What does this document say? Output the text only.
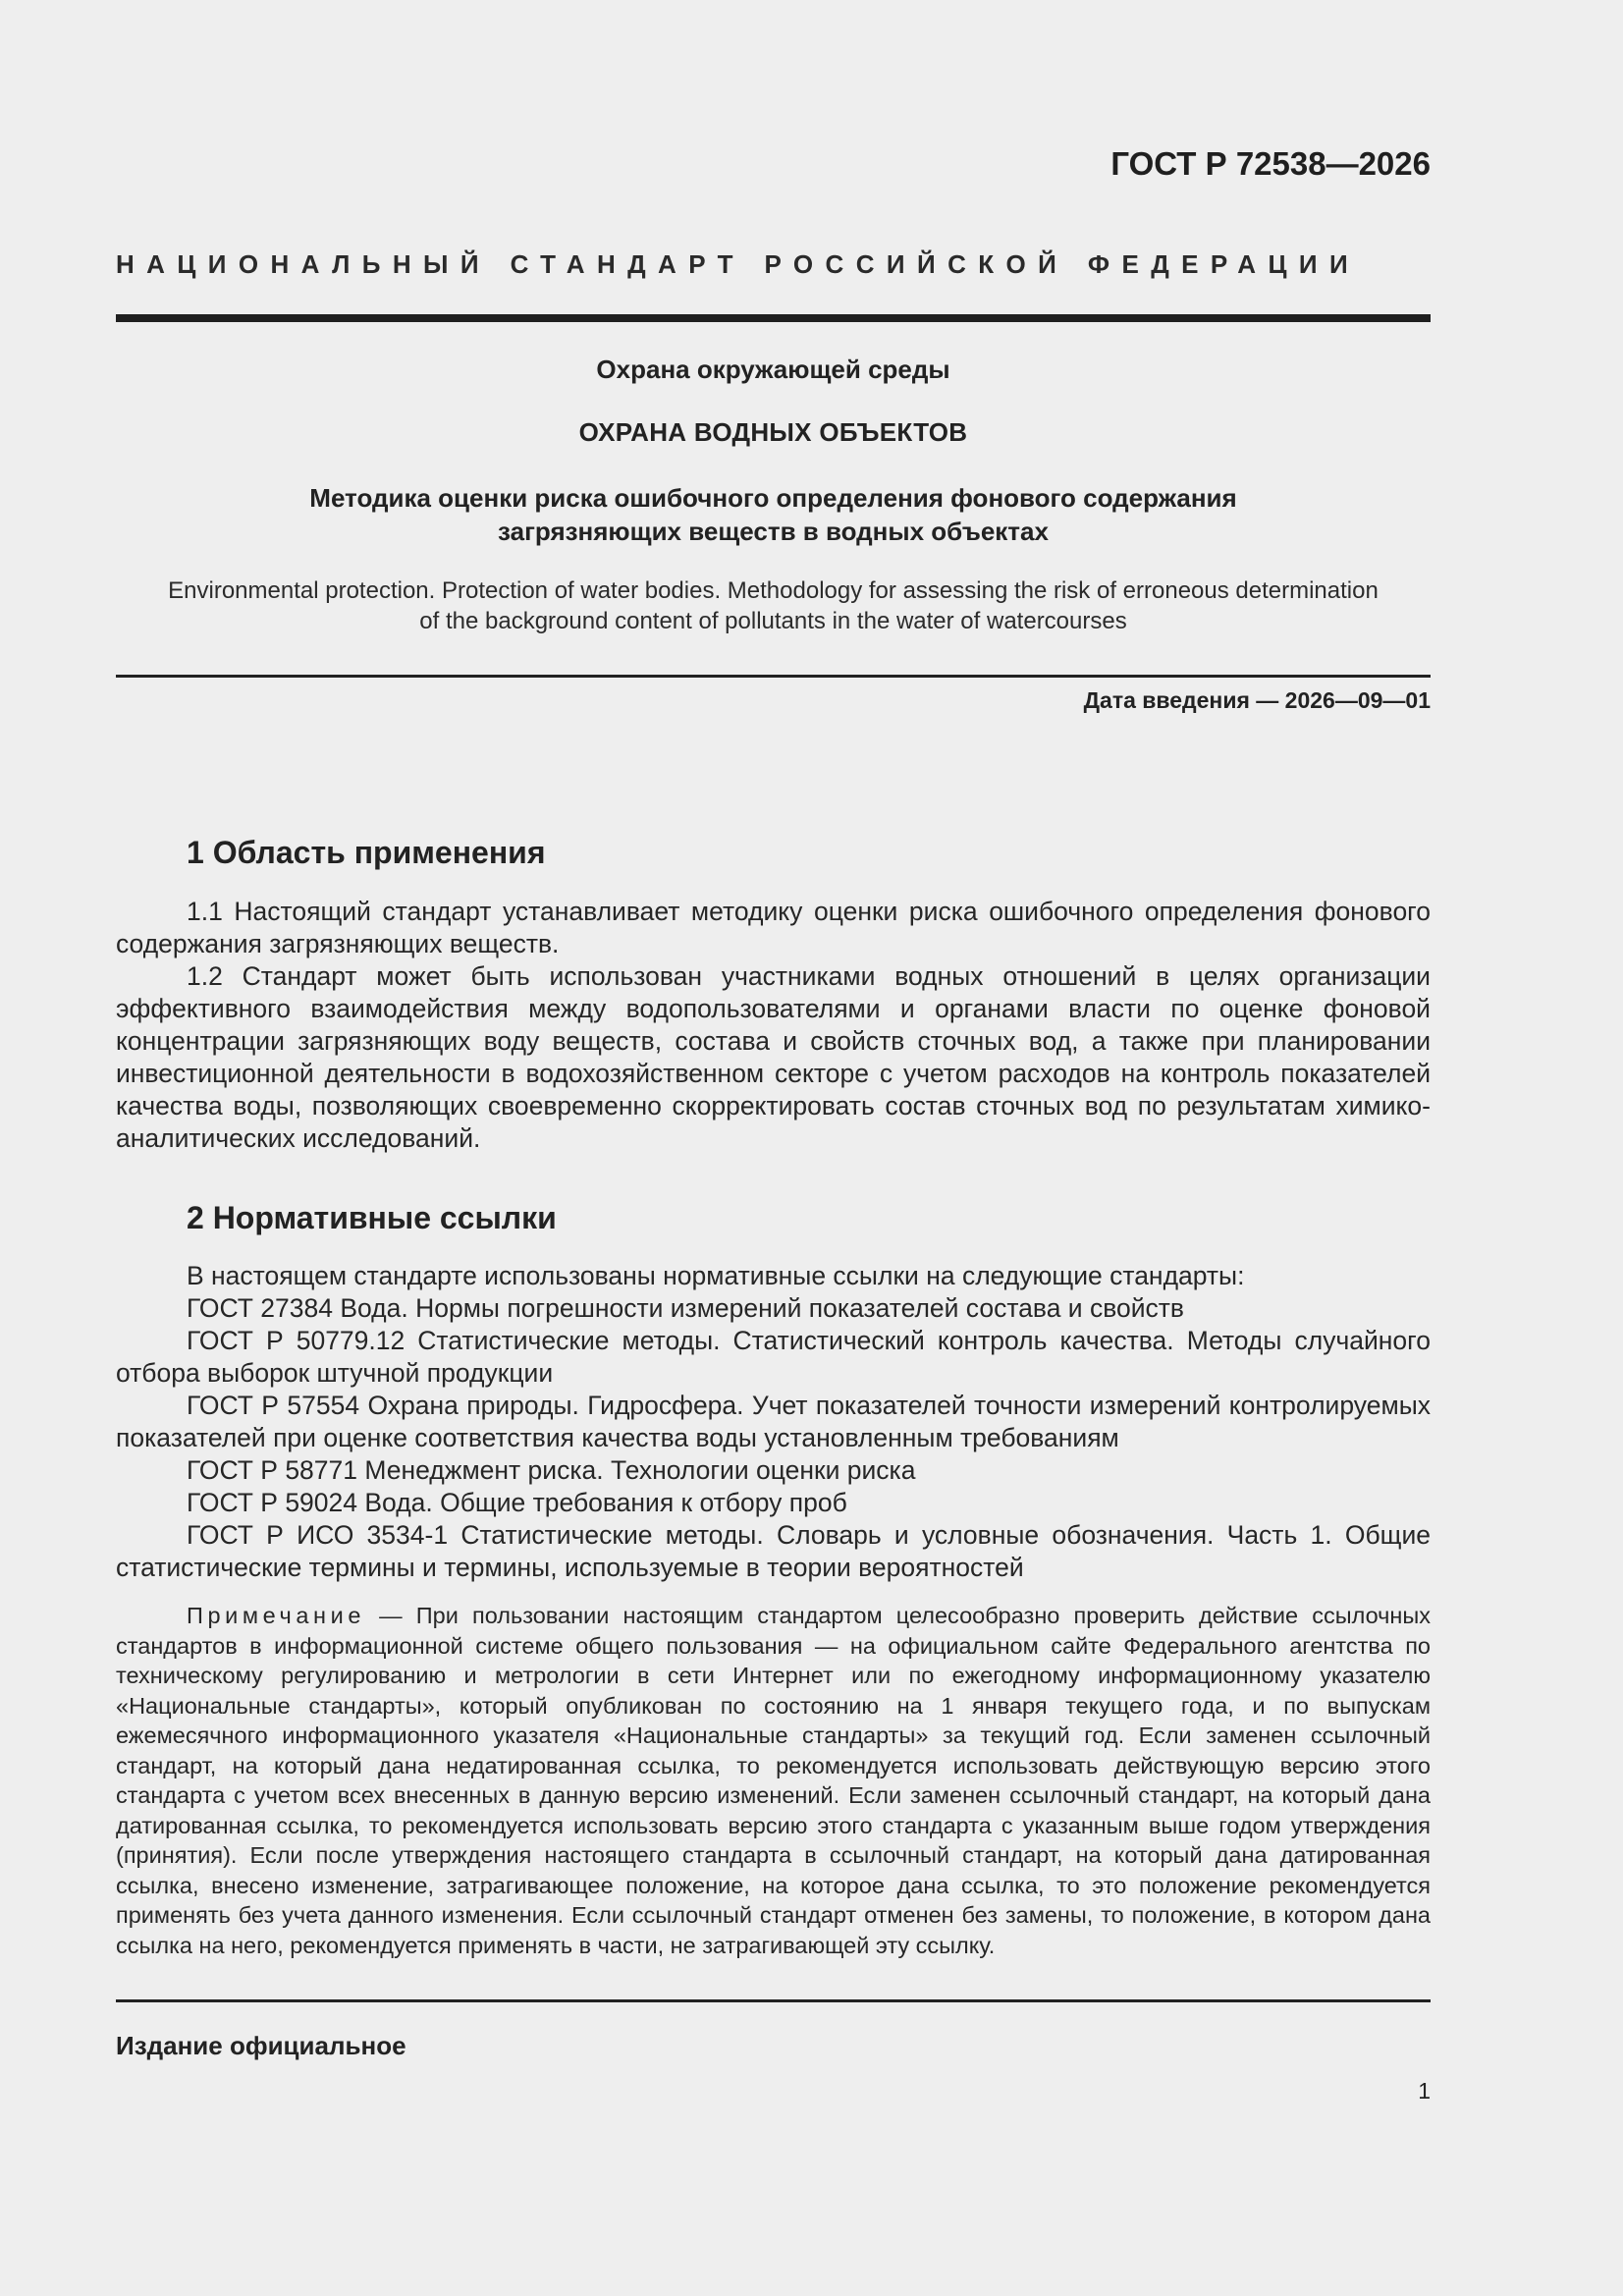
ГОСТ Р 72538—2026
НАЦИОНАЛЬНЫЙ СТАНДАРТ РОССИЙСКОЙ ФЕДЕРАЦИИ
Охрана окружающей среды
ОХРАНА ВОДНЫХ ОБЪЕКТОВ
Методика оценки риска ошибочного определения фонового содержания
загрязняющих веществ в водных объектах
Environmental protection. Protection of water bodies. Methodology for assessing the risk of erroneous determination
of the background content of pollutants in the water of watercourses
Дата введения — 2026—09—01
1 Область применения

1.1 Настоящий стандарт устанавливает методику оценки риска ошибочного определения фонового содержания загрязняющих веществ.

1.2 Стандарт может быть использован участниками водных отношений в целях организации эффективного взаимодействия между водопользователями и органами власти по оценке фоновой концентрации загрязняющих воду веществ, состава и свойств сточных вод, а также при планировании инвестиционной деятельности в водохозяйственном секторе с учетом расходов на контроль показателей качества воды, позволяющих своевременно скорректировать состав сточных вод по результатам химико-аналитических исследований.

2 Нормативные ссылки

В настоящем стандарте использованы нормативные ссылки на следующие стандарты:

ГОСТ 27384 Вода. Нормы погрешности измерений показателей состава и свойств

ГОСТ Р 50779.12 Статистические методы. Статистический контроль качества. Методы случайного отбора выборок штучной продукции

ГОСТ Р 57554 Охрана природы. Гидросфера. Учет показателей точности измерений контролируемых показателей при оценке соответствия качества воды установленным требованиям

ГОСТ Р 58771 Менеджмент риска. Технологии оценки риска

ГОСТ Р 59024 Вода. Общие требования к отбору проб

ГОСТ Р ИСО 3534-1 Статистические методы. Словарь и условные обозначения. Часть 1. Общие статистические термины и термины, используемые в теории вероятностей

Примечание — При пользовании настоящим стандартом целесообразно проверить действие ссылочных стандартов в информационной системе общего пользования — на официальном сайте Федерального агентства по техническому регулированию и метрологии в сети Интернет или по ежегодному информационному указателю «Национальные стандарты», который опубликован по состоянию на 1 января текущего года, и по выпускам ежемесячного информационного указателя «Национальные стандарты» за текущий год. Если заменен ссылочный стандарт, на который дана недатированная ссылка, то рекомендуется использовать действующую версию этого стандарта с учетом всех внесенных в данную версию изменений. Если заменен ссылочный стандарт, на который дана датированная ссылка, то рекомендуется использовать версию этого стандарта с указанным выше годом утверждения (принятия). Если после утверждения настоящего стандарта в ссылочный стандарт, на который дана датированная ссылка, внесено изменение, затрагивающее положение, на которое дана ссылка, то это положение рекомендуется применять без учета данного изменения. Если ссылочный стандарт отменен без замены, то положение, в котором дана ссылка на него, рекомендуется применять в части, не затрагивающей эту ссылку.

Издание официальное
1
